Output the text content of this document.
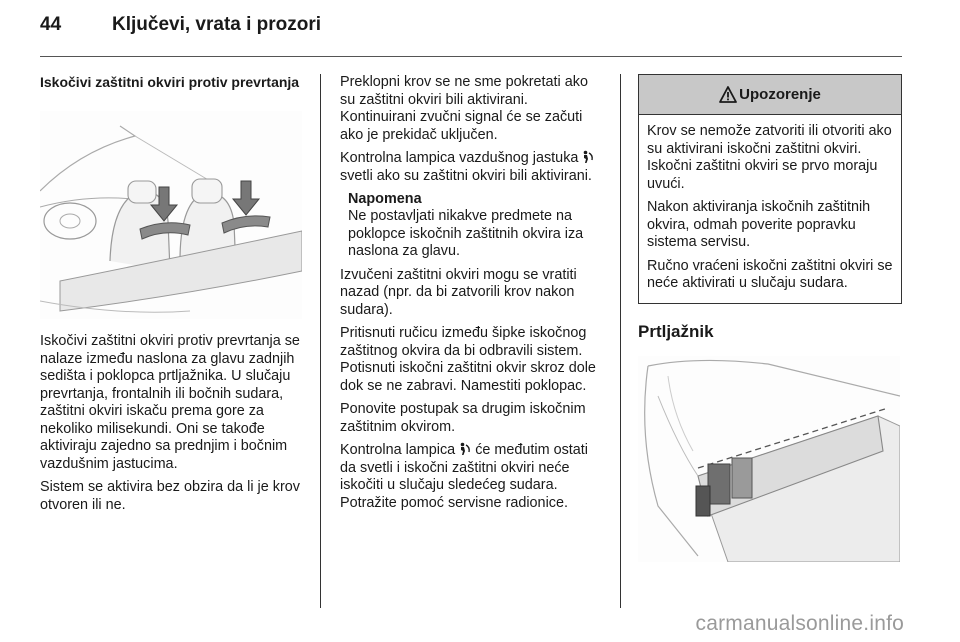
44	Ključevi, vrata i prozori
Iskočivi zaštitni okviri protiv prevrtanja

Iskočivi zaštitni okviri protiv prevrtanja se nalaze između naslona za glavu zadnjih sedišta i poklopca prtljažnika. U slučaju prevrtanja, frontalnih ili bočnih sudara, zaštitni okviri iskaču prema gore za nekoliko milisekundi. Oni se takođe aktiviraju zajedno sa prednjim i bočnim vazdušnim jastucima.

Sistem se aktivira bez obzira da li je krov otvoren ili ne.

Preklopni krov se ne sme pokretati ako su zaštitni okviri bili aktivirani. Kontinuirani zvučni signal će se začuti ako je prekidač uključen.

Kontrolna lampica vazdušnog jastuka  svetli ako su zaštitni okviri bili aktivirani.

Napomena

Ne postavljati nikakve predmete na poklopce iskočnih zaštitnih okvira iza naslona za glavu.

Izvučeni zaštitni okviri mogu se vratiti nazad (npr. da bi zatvorili krov nakon sudara).

Pritisnuti ručicu između šipke iskočnog zaštitnog okvira da bi odbravili sistem. Potisnuti iskočni zaštitni okvir skroz dole dok se ne zabravi. Namestiti poklopac.

Ponovite postupak sa drugim iskočnim zaštitnim okvirom.

Kontrolna lampica će međutim ostati da svetli i iskočni zaštitni okviri neće iskočiti u slučaju sledećeg sudara. Potražite pomoć servisne radionice.

Upozorenje

Krov se nemože zatvoriti ili otvoriti ako su aktivirani iskočni zaštitni okviri. Iskočni zaštitni okviri se prvo moraju uvući.

Nakon aktiviranja iskočnih zaštitnih okvira, odmah poverite popravku sistema servisu.

Ručno vraćeni iskočni zaštitni okviri se neće aktivirati u slučaju sudara.

Prtljažnik
carmanualsonline.info
